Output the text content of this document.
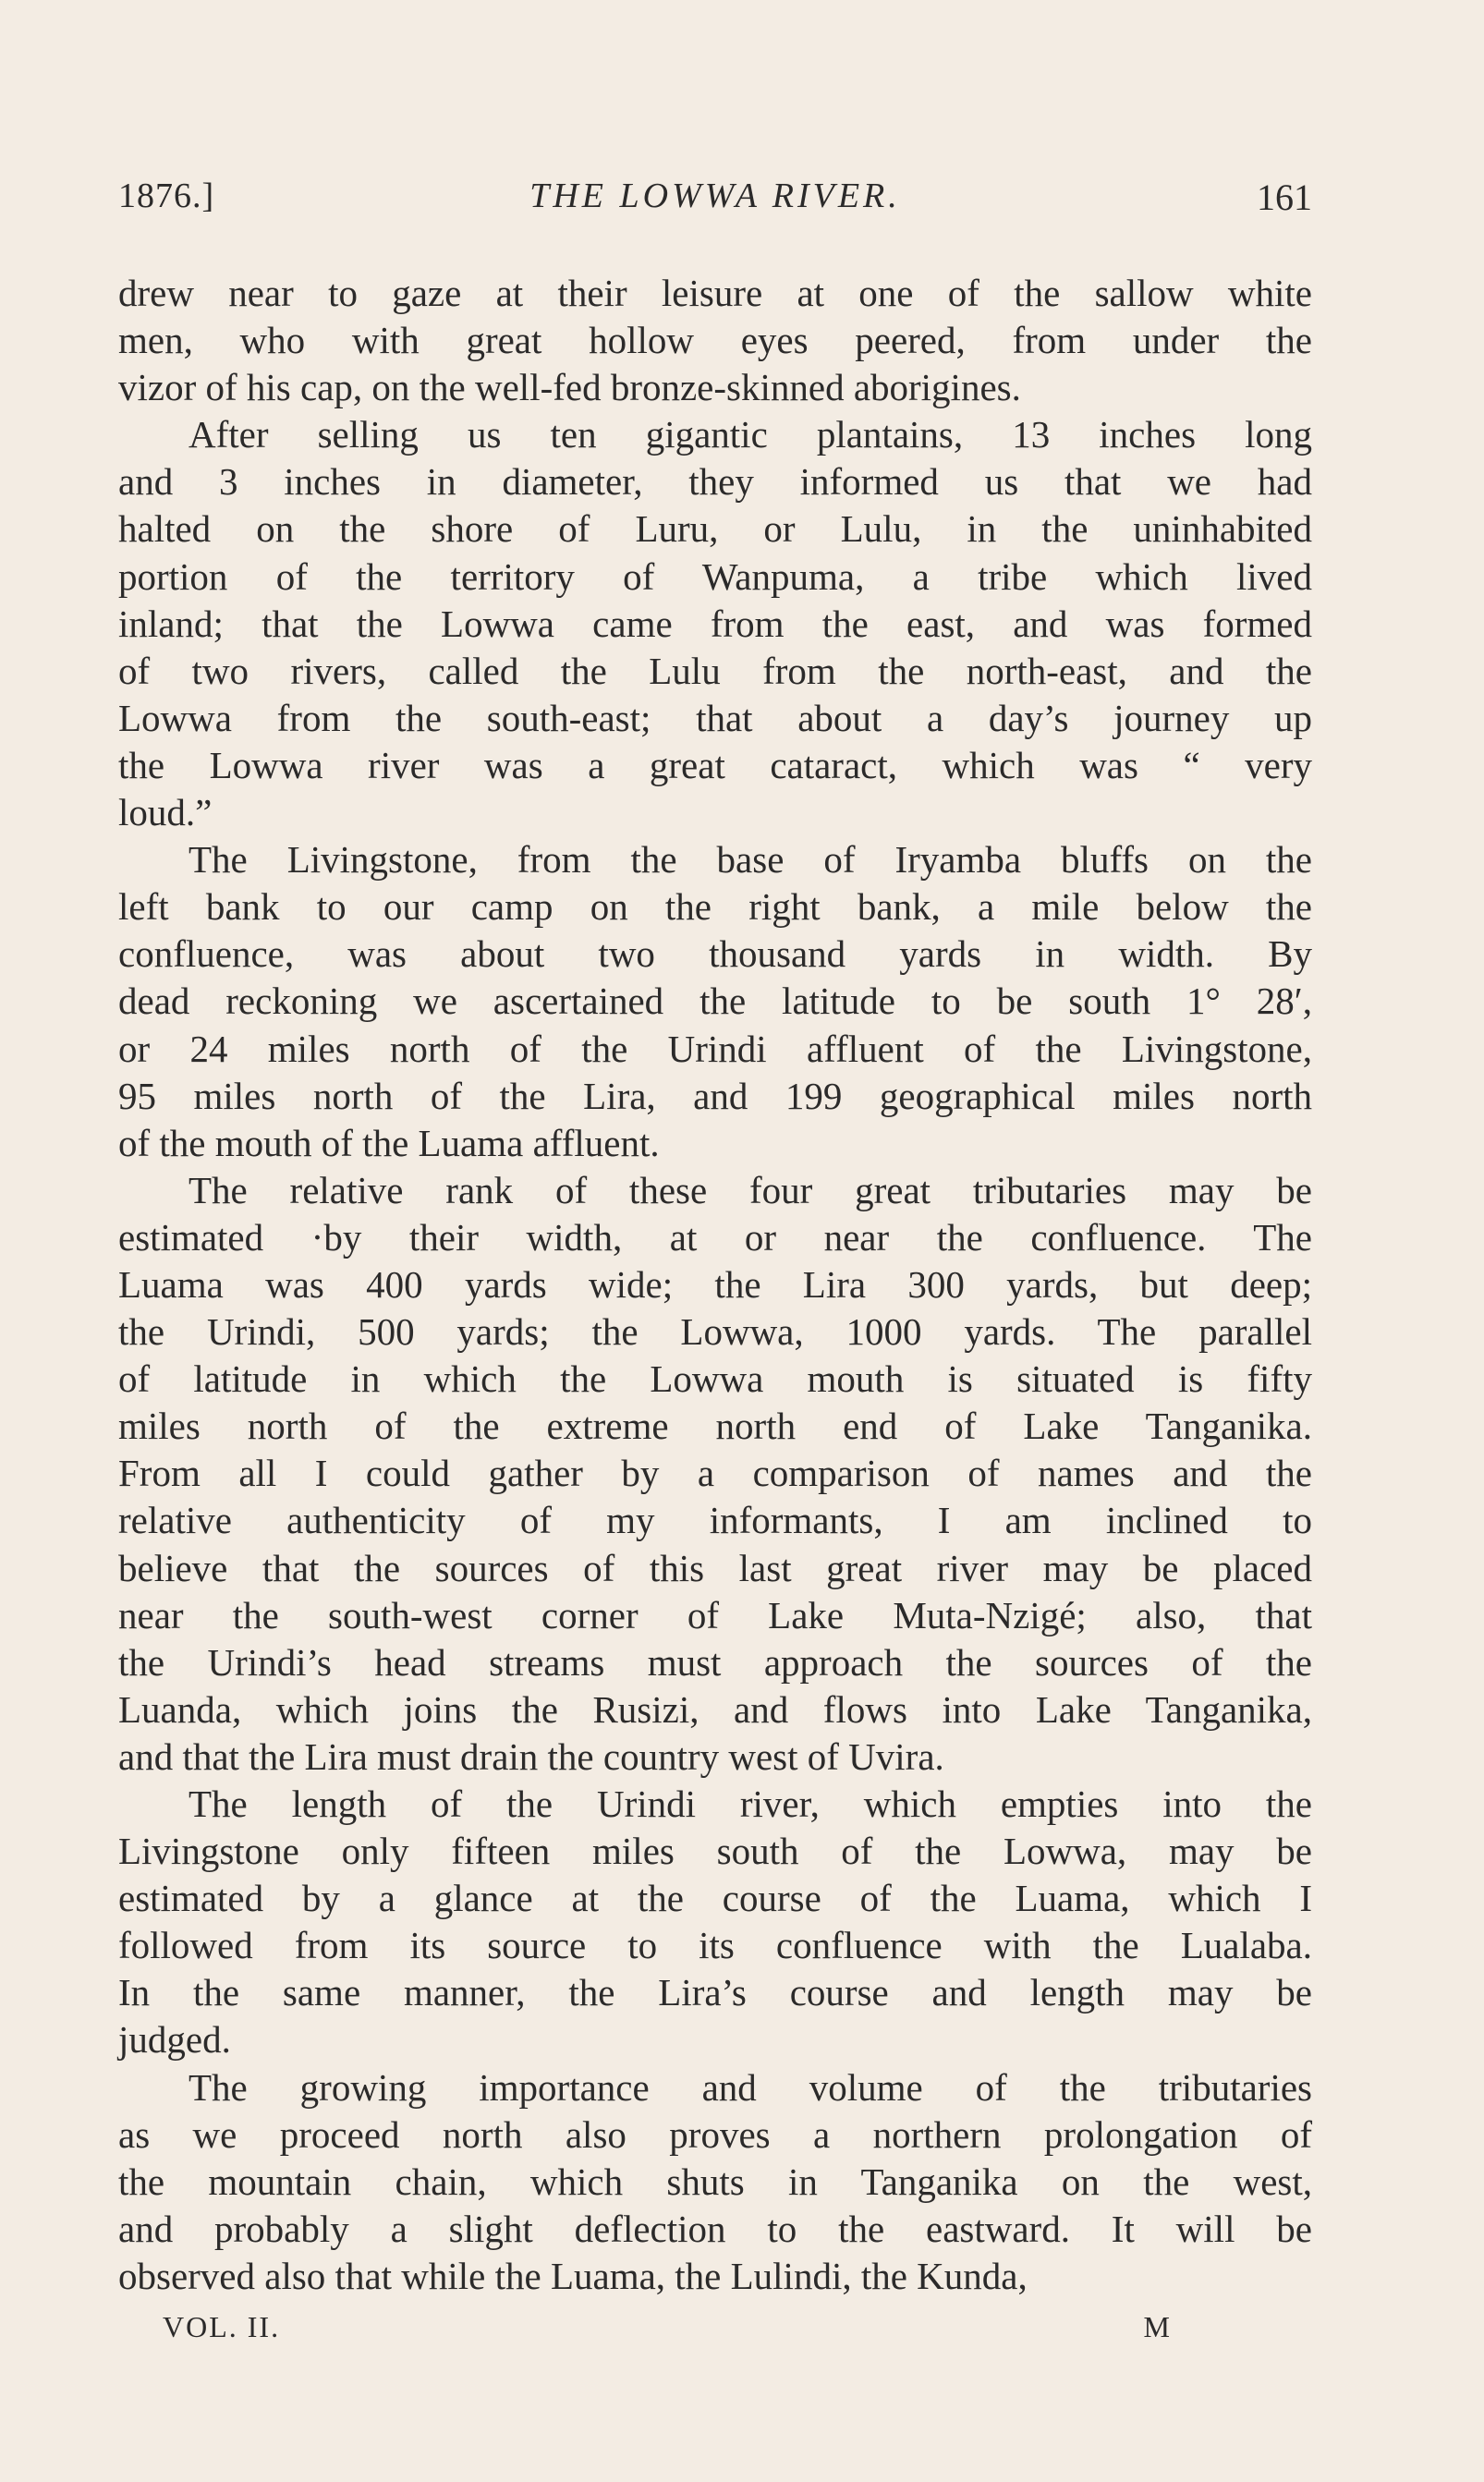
1876.]	THE LOWWA RIVER.	161
drew near to gaze at their leisure at one of the sallow white
men, who with great hollow eyes peered, from under the
vizor of his cap, on the well-fed bronze-skinned aborigines.
After selling us ten gigantic plantains, 13 inches long
and 3 inches in diameter, they informed us that we had
halted on the shore of Luru, or Lulu, in the uninhabited
portion of the territory of Wanpuma, a tribe which lived
inland; that the Lowwa came from the east, and was formed
of two rivers, called the Lulu from the north-east, and the
Lowwa from the south-east; that about a day’s journey up
the Lowwa river was a great cataract, which was “ very
loud.”
The Livingstone, from the base of Iryamba bluffs on the
left bank to our camp on the right bank, a mile below the
confluence, was about two thousand yards in width. By
dead reckoning we ascertained the latitude to be south 1° 28′,
or 24 miles north of the Urindi affluent of the Livingstone,
95 miles north of the Lira, and 199 geographical miles north
of the mouth of the Luama affluent.
The relative rank of these four great tributaries may be
estimated ·by their width, at or near the confluence. The
Luama was 400 yards wide; the Lira 300 yards, but deep;
the Urindi, 500 yards; the Lowwa, 1000 yards. The parallel
of latitude in which the Lowwa mouth is situated is fifty
miles north of the extreme north end of Lake Tanganika.
From all I could gather by a comparison of names and the
relative authenticity of my informants, I am inclined to
believe that the sources of this last great river may be placed
near the south-west corner of Lake Muta-Nzigé; also, that
the Urindi’s head streams must approach the sources of the
Luanda, which joins the Rusizi, and flows into Lake Tanganika,
and that the Lira must drain the country west of Uvira.
The length of the Urindi river, which empties into the
Livingstone only fifteen miles south of the Lowwa, may be
estimated by a glance at the course of the Luama, which I
followed from its source to its confluence with the Lualaba.
In the same manner, the Lira’s course and length may be
judged.
The growing importance and volume of the tributaries
as we proceed north also proves a northern prolongation of
the mountain chain, which shuts in Tanganika on the west,
and probably a slight deflection to the eastward. It will be
observed also that while the Luama, the Lulindi, the Kunda,
VOL. II.	M
